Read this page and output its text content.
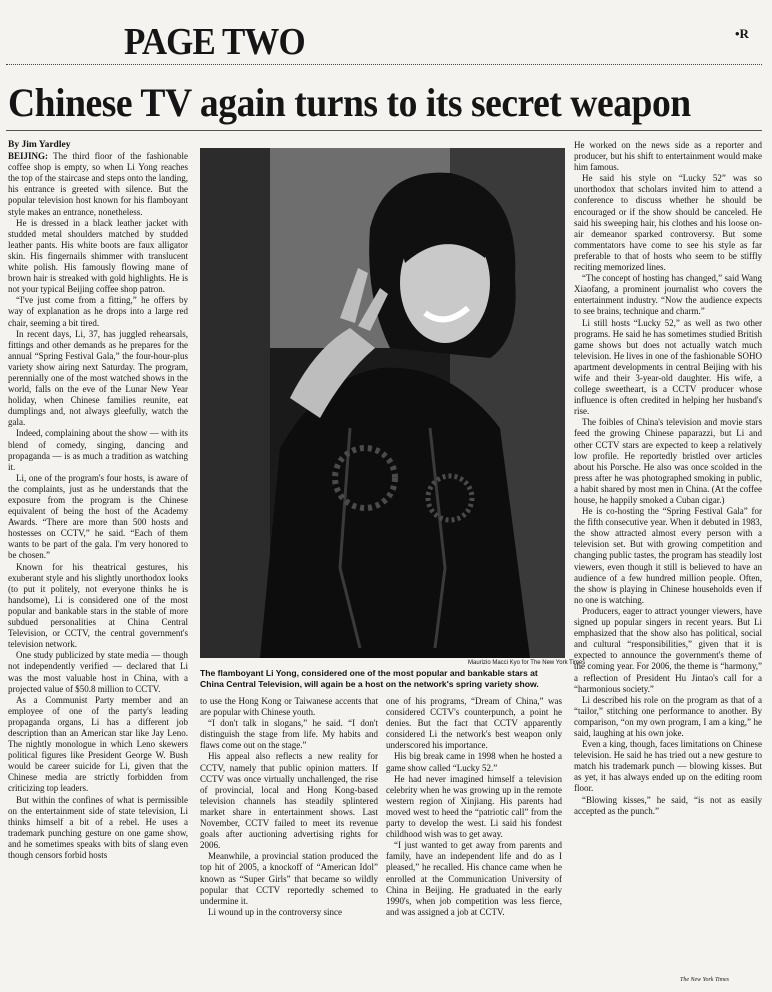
PAGE TWO	•R
Chinese TV again turns to its secret weapon

By Jim Yardley

BEIJING: The third floor of the fashionable coffee shop is empty, so when Li Yong reaches the top of the staircase and steps onto the landing, his entrance is greeted with silence. But the popular television host known for his flamboyant style makes an entrance, nonetheless.

He is dressed in a black leather jacket with studded metal shoulders matched by studded leather pants. His white boots are faux alligator skin. His fingernails shimmer with translucent white polish. His famously flowing mane of brown hair is streaked with gold highlights. He is not your typical Beijing coffee shop patron.

“I've just come from a fitting,” he offers by way of explanation as he drops into a large red chair, seeming a bit tired.

In recent days, Li, 37, has juggled rehearsals, fittings and other demands as he prepares for the annual “Spring Festival Gala,” the four-hour-plus variety show airing next Saturday. The program, perennially one of the most watched shows in the world, falls on the eve of the Lunar New Year holiday, when Chinese families reunite, eat dumplings and, not always gleefully, watch the gala.

Indeed, complaining about the show — with its blend of comedy, singing, dancing and propaganda — is as much a tradition as watching it.

Li, one of the program's four hosts, is aware of the complaints, just as he understands that the exposure from the program is the Chinese equivalent of being the host of the Academy Awards. “There are more than 500 hosts and hostesses on CCTV,” he said. “Each of them wants to be part of the gala. I'm very honored to be chosen.”

Known for his theatrical gestures, his exuberant style and his slightly unorthodox looks (to put it politely, not everyone thinks he is handsome), Li is considered one of the most popular and bankable stars in the stable of more subdued personalities at China Central Television, or CCTV, the central government's television network.

One study publicized by state media — though not independently verified — declared that Li was the most valuable host in China, with a projected value of $50.8 million to CCTV.

As a Communist Party member and an employee of one of the party's leading propaganda organs, Li has a different job description than an American star like Jay Leno. The nightly monologue in which Leno skewers political figures like President George W. Bush would be career suicide for Li, given that the Chinese media are strictly forbidden from criticizing top leaders.

But within the confines of what is permissible on the entertainment side of state television, Li thinks himself a bit of a rebel. He uses a trademark punching gesture on one game show, and he sometimes speaks with bits of slang even though censors forbid hosts

Maurizio Macci Kyo for The New York Times
The flamboyant Li Yong, considered one of the most popular and bankable stars at China Central Television, will again be a host on the network's spring variety show.

to use the Hong Kong or Taiwanese accents that are popular with Chinese youth.

“I don't talk in slogans,” he said. “I don't distinguish the stage from life. My habits and flaws come out on the stage.”

His appeal also reflects a new reality for CCTV, namely that public opinion matters. If CCTV was once virtually unchallenged, the rise of provincial, local and Hong Kong-based television channels has steadily splintered market share in entertainment shows. Last November, CCTV failed to meet its revenue goals after auctioning advertising rights for 2006.

Meanwhile, a provincial station produced the top hit of 2005, a knockoff of “American Idol” known as “Super Girls” that became so wildly popular that CCTV reportedly schemed to undermine it.

Li wound up in the controversy since

one of his programs, “Dream of China,” was considered CCTV's counterpunch, a point he denies. But the fact that CCTV apparently considered Li the network's best weapon only underscored his importance.

His big break came in 1998 when he hosted a game show called “Lucky 52.”

He had never imagined himself a television celebrity when he was growing up in the remote western region of Xinjiang. His parents had moved west to heed the “patriotic call” from the party to develop the west. Li said his fondest childhood wish was to get away.

“I just wanted to get away from parents and family, have an independent life and do as I pleased,” he recalled. His chance came when he enrolled at the Communication University of China in Beijing. He graduated in the early 1990's, when job competition was less fierce, and was assigned a job at CCTV.

He worked on the news side as a reporter and producer, but his shift to entertainment would make him famous.

He said his style on “Lucky 52” was so unorthodox that scholars invited him to attend a conference to discuss whether he should be encouraged or if the show should be canceled. He said his sweeping hair, his clothes and his loose on-air demeanor sparked controversy. But some commentators have come to see his style as far preferable to that of hosts who seem to be stiffly reciting memorized lines.

“The concept of hosting has changed,” said Wang Xiaofang, a prominent journalist who covers the entertainment industry. “Now the audience expects to see brains, technique and charm.”

Li still hosts “Lucky 52,” as well as two other programs. He said he has sometimes studied British game shows but does not actually watch much television. He lives in one of the fashionable SOHO apartment developments in central Beijing with his wife and their 3-year-old daughter. His wife, a college sweetheart, is a CCTV producer whose influence is often credited in helping her husband's rise.

The foibles of China's television and movie stars feed the growing Chinese paparazzi, but Li and other CCTV stars are expected to keep a relatively low profile. He reportedly bristled over articles about his Porsche. He also was once scolded in the press after he was photographed smoking in public, a habit shared by most men in China. (At the coffee house, he happily smoked a Cuban cigar.)

He is co-hosting the “Spring Festival Gala” for the fifth consecutive year. When it debuted in 1983, the show attracted almost every person with a television set. But with growing competition and changing public tastes, the program has steadily lost viewers, even though it still is believed to have an audience of a few hundred million people. Often, the show is playing in Chinese households even if no one is watching.

Producers, eager to attract younger viewers, have signed up popular singers in recent years. But Li emphasized that the show also has political, social and cultural “responsibilities,” given that it is expected to announce the government's theme of the coming year. For 2006, the theme is “harmony,” a reflection of President Hu Jintao's call for a “harmonious society.”

Li described his role on the program as that of a “tailor,” stitching one performance to another. By comparison, “on my own program, I am a king,” he said, laughing at his own joke.

Even a king, though, faces limitations on Chinese television. He said he has tried out a new gesture to match his trademark punch — blowing kisses. But as yet, it has always ended up on the editing room floor.

“Blowing kisses,” he said, “is not as easily accepted as the punch.”

The New York Times
